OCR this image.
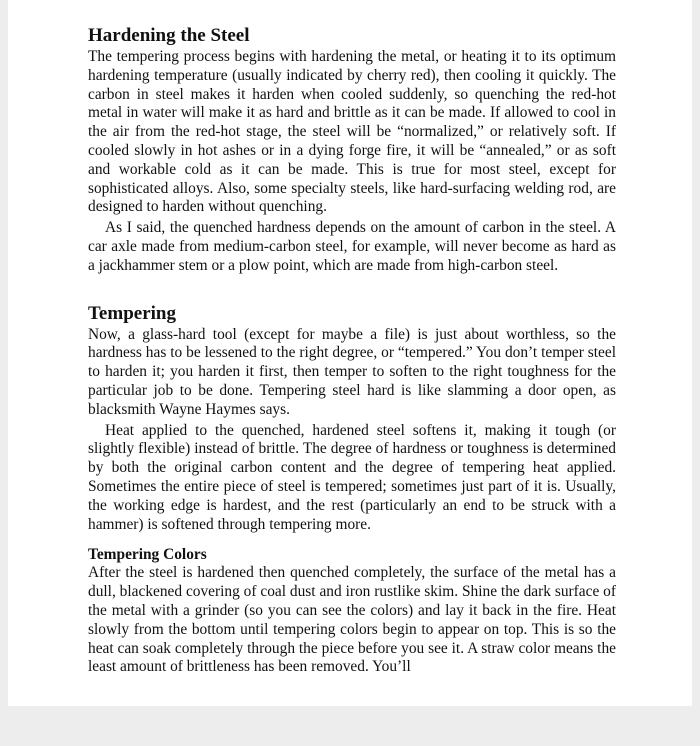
Hardening the Steel

The tempering process begins with hardening the metal, or heating it to its optimum hardening temperature (usually indicated by cherry red), then cooling it quickly. The carbon in steel makes it harden when cooled suddenly, so quenching the red-hot metal in water will make it as hard and brittle as it can be made. If allowed to cool in the air from the red-hot stage, the steel will be “normalized,” or relatively soft. If cooled slowly in hot ashes or in a dying forge fire, it will be “annealed,” or as soft and workable cold as it can be made. This is true for most steel, except for sophisticated alloys. Also, some specialty steels, like hard-surfacing welding rod, are designed to harden without quenching.

As I said, the quenched hardness depends on the amount of carbon in the steel. A car axle made from medium-carbon steel, for example, will never become as hard as a jackhammer stem or a plow point, which are made from high-carbon steel.

Tempering

Now, a glass-hard tool (except for maybe a file) is just about worthless, so the hardness has to be lessened to the right degree, or “tempered.” You don’t temper steel to harden it; you harden it first, then temper to soften to the right toughness for the particular job to be done. Tempering steel hard is like slamming a door open, as blacksmith Wayne Haymes says.

Heat applied to the quenched, hardened steel softens it, making it tough (or slightly flexible) instead of brittle. The degree of hardness or toughness is determined by both the original carbon content and the degree of tempering heat applied. Sometimes the entire piece of steel is tempered; sometimes just part of it is. Usually, the working edge is hardest, and the rest (particularly an end to be struck with a hammer) is softened through tempering more.

Tempering Colors

After the steel is hardened then quenched completely, the surface of the metal has a dull, blackened covering of coal dust and iron rustlike skim. Shine the dark surface of the metal with a grinder (so you can see the colors) and lay it back in the fire. Heat slowly from the bottom until tempering colors begin to appear on top. This is so the heat can soak completely through the piece before you see it. A straw color means the least amount of brittleness has been removed. You’ll
